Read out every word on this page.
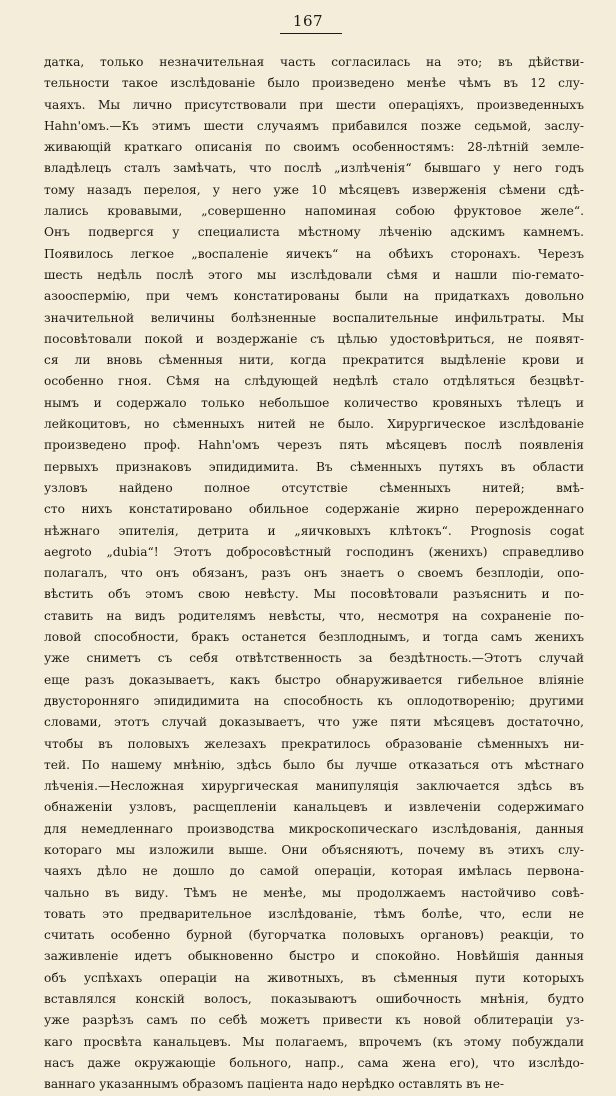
167
датка, только незначительная часть согласилась на это; въ дѣйстви-
тельности такое изслѣдованіе было произведено менѣе чѣмъ въ 12 слу-
чаяхъ. Мы лично присутствовали при шести операціяхъ, произведенныхъ
Hahn'омъ.—Къ этимъ шести случаямъ прибавился позже седьмой, заслу-
живающій краткаго описанія по своимъ особенностямъ: 28-лѣтній земле-
владѣлецъ сталъ замѣчать, что послѣ „излѣченія“ бывшаго у него годъ
тому назадъ перелоя, у него уже 10 мѣсяцевъ изверженія сѣмени сдѣ-
лались кровавыми, „совершенно напоминая собою фруктовое желе“.
Онъ подвергся у специалиста мѣстному лѣченію адскимъ камнемъ.
Появилось легкое „воспаленіе яичекъ“ на обѣихъ сторонахъ. Черезъ
шесть недѣль послѣ этого мы изслѣдовали сѣмя и нашли піо-гемато-
азооспермію, при чемъ констатированы были на придаткахъ довольно
значительной величины болѣзненные воспалительные инфильтраты. Мы
посовѣтовали покой и воздержаніе съ цѣлью удостовѣриться, не появят-
ся ли вновь сѣменныя нити, когда прекратится выдѣленіе крови и
особенно гноя. Сѣмя на слѣдующей недѣлѣ стало отдѣляться безцвѣт-
нымъ и содержало только небольшое количество кровяныхъ тѣлецъ и
лейкоцитовъ, но сѣменныхъ нитей не было. Хирургическое изслѣдованіе
произведено проф. Hahn'омъ черезъ пять мѣсяцевъ послѣ появленія
первыхъ признаковъ эпидидимита. Въ сѣменныхъ путяхъ въ области
узловъ найдено полное отсутствіе сѣменныхъ нитей; вмѣ-
сто нихъ констатировано обильное содержаніе жирно перерожденнаго
нѣжнаго эпителія, детрита и „яичковыхъ клѣтокъ“. Prognosis cogat
aegroto „dubia“! Этотъ добросовѣстный господинъ (женихъ) справедливо
полагалъ, что онъ обязанъ, разъ онъ знаетъ о своемъ безплодіи, опо-
вѣстить объ этомъ свою невѣсту. Мы посовѣтовали разъяснить и по-
ставить на видъ родителямъ невѣсты, что, несмотря на сохраненіе по-
ловой способности, бракъ останется безплоднымъ, и тогда самъ женихъ
уже сниметъ съ себя отвѣтственность за бездѣтность.—Этотъ случай
еще разъ доказываетъ, какъ быстро обнаруживается гибельное вліяніе
двусторонняго эпидидимита на способность къ оплодотворенію; другими
словами, этотъ случай доказываетъ, что уже пяти мѣсяцевъ достаточно,
чтобы въ половыхъ железахъ прекратилось образованіе сѣменныхъ ни-
тей. По нашему мнѣнію, здѣсь было бы лучше отказаться отъ мѣстнаго
лѣченія.—Несложная хирургическая манипуляція заключается здѣсь въ
обнаженіи узловъ, расщепленіи канальцевъ и извлеченіи содержимаго
для немедленнаго производства микроскопическаго изслѣдованія, данныя
котораго мы изложили выше. Они объясняютъ, почему въ этихъ слу-
чаяхъ дѣло не дошло до самой операціи, которая имѣлась первона-
чально въ виду. Тѣмъ не менѣе, мы продолжаемъ настойчиво совѣ-
товать это предварительное изслѣдованіе, тѣмъ болѣе, что, если не
считать особенно бурной (бугорчатка половыхъ органовъ) реакціи, то
заживленіе идетъ обыкновенно быстро и спокойно. Новѣйшія данныя
объ успѣхахъ операціи на животныхъ, въ сѣменныя пути которыхъ
вставлялся конскій волосъ, показываютъ ошибочность мнѣнія, будто
уже разрѣзъ самъ по себѣ можетъ привести къ новой облитераціи уз-
каго просвѣта канальцевъ. Мы полагаемъ, впрочемъ (къ этому побуждали
насъ даже окружающіе больного, напр., сама жена его), что изслѣдо-
ваннаго указаннымъ образомъ паціента надо нерѣдко оставлять въ не-
